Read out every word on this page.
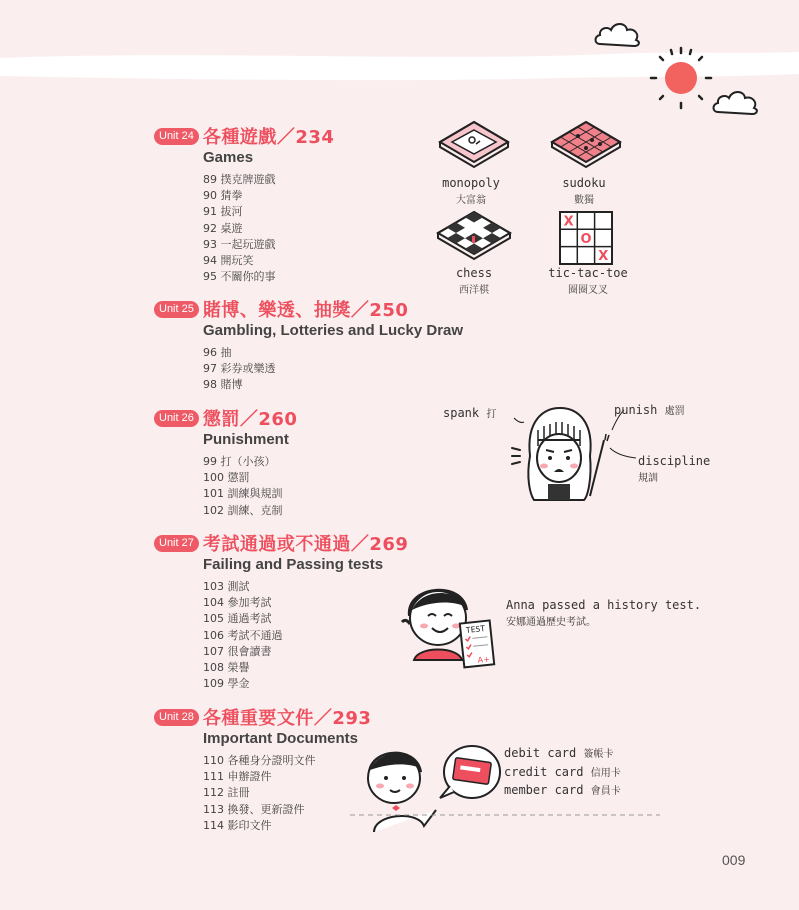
Unit 24 各種遊戲／234
Games
89 撲克牌遊戲
90 猜拳
91 拔河
92 桌遊
93 一起玩遊戲
94 開玩笑
95 不關你的事
Unit 25 賭博、樂透、抽獎／250
Gambling, Lotteries and Lucky Draw
96 抽
97 彩券或樂透
98 賭博
Unit 26 懲罰／260
Punishment
99 打（小孩）
100 懲罰
101 訓練與規訓
102 訓練、克制
Unit 27 考試通過或不通過／269
Failing and Passing tests
103 測試
104 參加考試
105 通過考試
106 考試不通過
107 很會讀書
108 榮譽
109 學金
Unit 28 各種重要文件／293
Important Documents
110 各種身分證明文件
111 申辦證件
112 註冊
113 換發、更新證件
114 影印文件
X
O
X
monopoly
大富翁
sudoku
數獨
chess
西洋棋
tic-tac-toe
圈圈叉叉
spank 打	punish 處罰
discipline
規訓
TEST
A+
Anna passed a history test.
安娜通過歷史考試。
debit card 簽帳卡
credit card 信用卡
member card 會員卡
009
